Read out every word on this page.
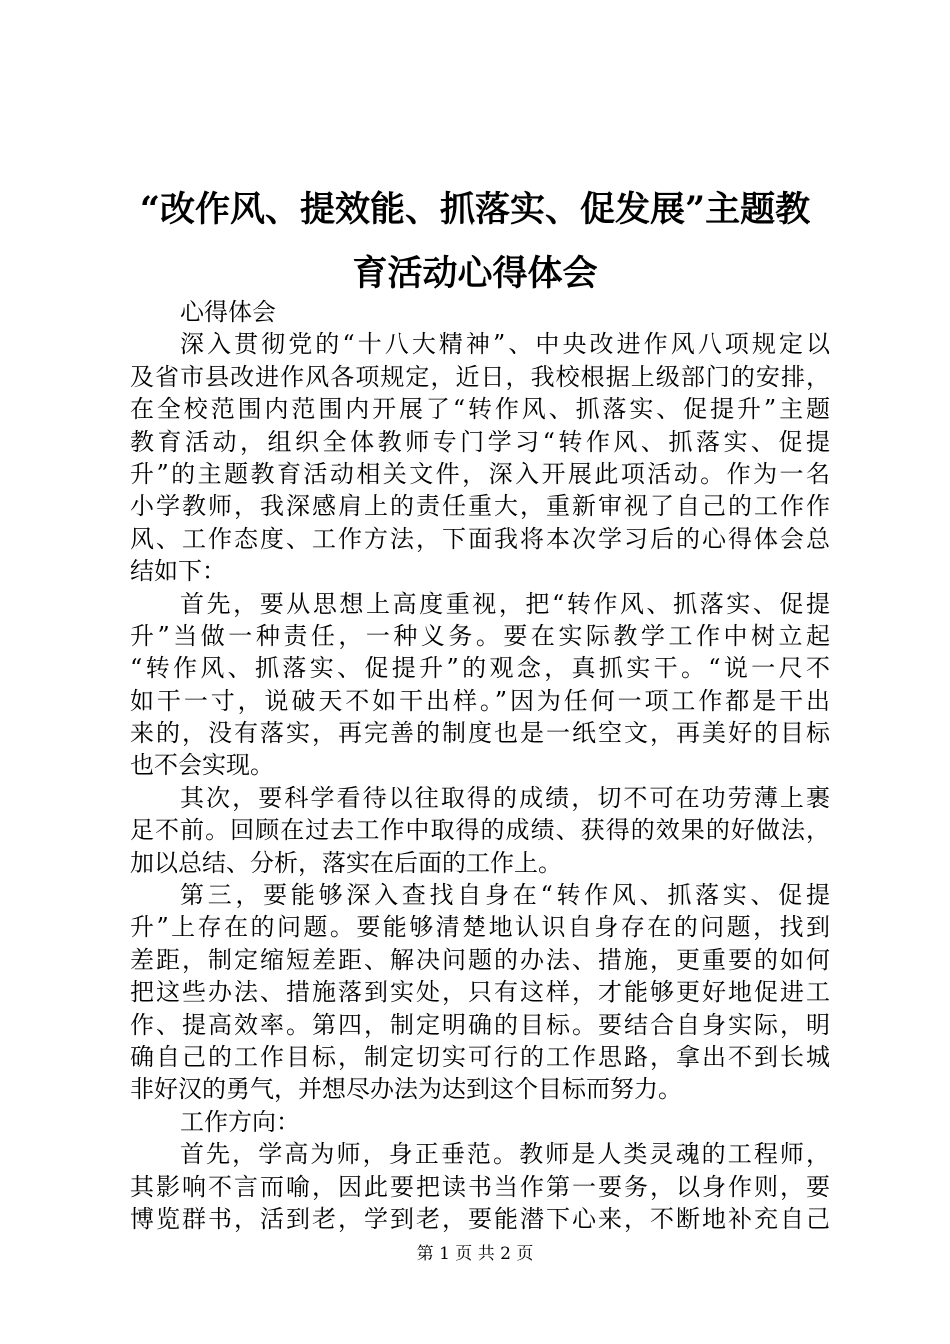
“改作风、提效能、抓落实、促发展”主题教
育活动心得体会
心得体会
深入贯彻党的“十八大精神”、中央改进作风八项规定以
及省市县改进作风各项规定，近日，我校根据上级部门的安排，
在全校范围内范围内开展了“转作风、抓落实、促提升”主题
教育活动，组织全体教师专门学习“转作风、抓落实、促提
升”的主题教育活动相关文件，深入开展此项活动。作为一名
小学教师，我深感肩上的责任重大，重新审视了自己的工作作
风、工作态度、工作方法，下面我将本次学习后的心得体会总
结如下：
首先，要从思想上高度重视，把“转作风、抓落实、促提
升”当做一种责任，一种义务。要在实际教学工作中树立起
“转作风、抓落实、促提升”的观念，真抓实干。“说一尺不
如干一寸，说破天不如干出样。”因为任何一项工作都是干出
来的，没有落实，再完善的制度也是一纸空文，再美好的目标
也不会实现。
其次，要科学看待以往取得的成绩，切不可在功劳薄上裹
足不前。回顾在过去工作中取得的成绩、获得的效果的好做法，
加以总结、分析，落实在后面的工作上。
第三，要能够深入查找自身在“转作风、抓落实、促提
升”上存在的问题。要能够清楚地认识自身存在的问题，找到
差距，制定缩短差距、解决问题的办法、措施，更重要的如何
把这些办法、措施落到实处，只有这样，才能够更好地促进工
作、提高效率。第四，制定明确的目标。要结合自身实际，明
确自己的工作目标，制定切实可行的工作思路，拿出不到长城
非好汉的勇气，并想尽办法为达到这个目标而努力。
工作方向：
首先，学高为师，身正垂范。教师是人类灵魂的工程师，
其影响不言而喻，因此要把读书当作第一要务，以身作则，要
博览群书，活到老，学到老，要能潜下心来，不断地补充自己
第 1 页 共 2 页
